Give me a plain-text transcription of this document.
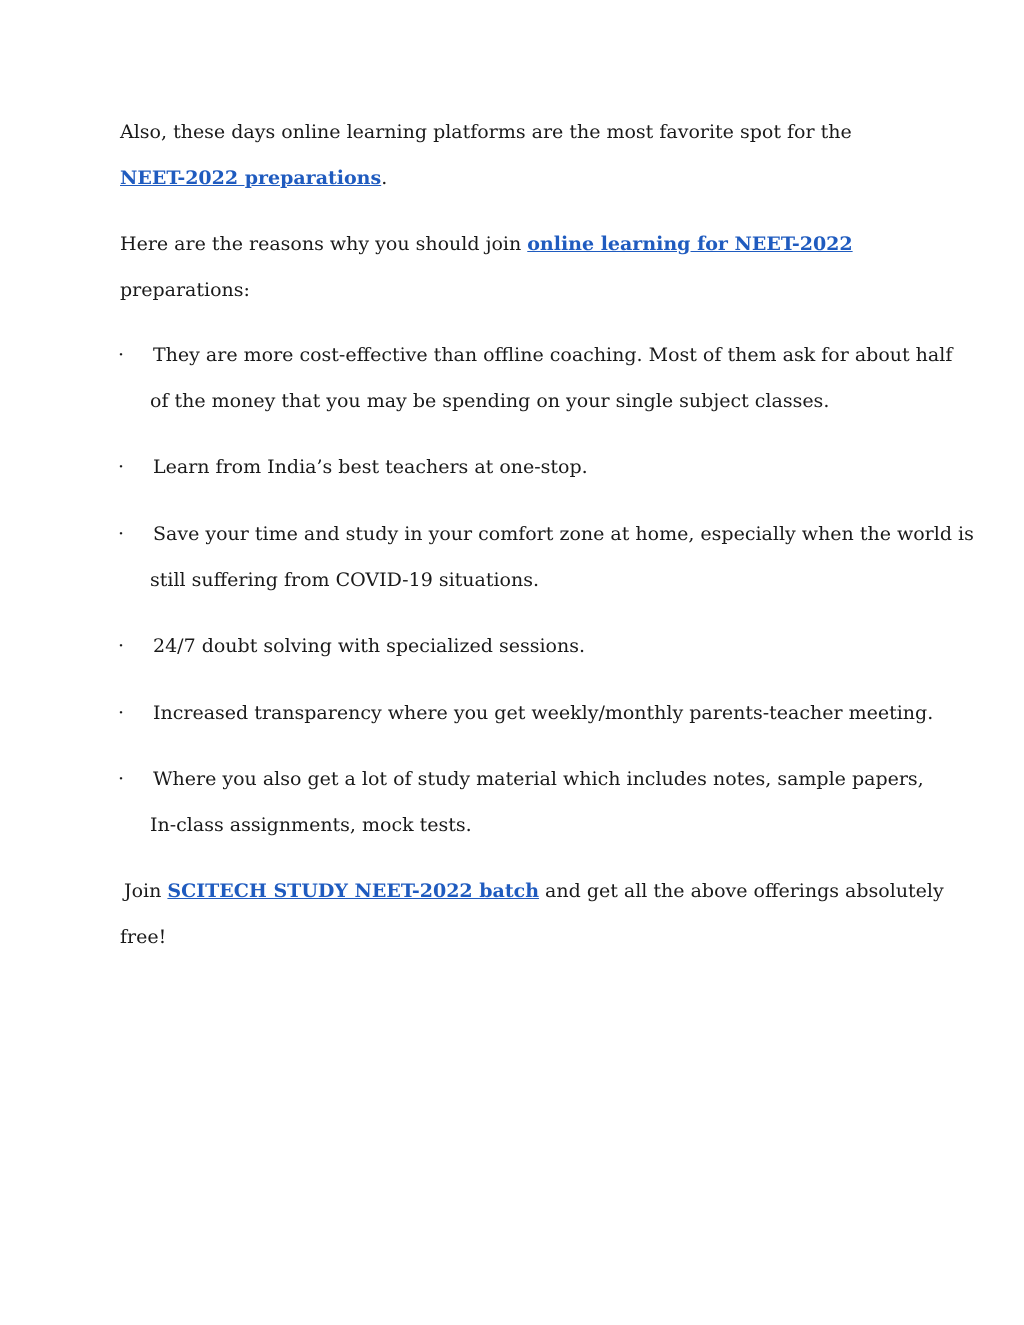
Also, these days online learning platforms are the most favorite spot for the
NEET-2022 preparations.
Here are the reasons why you should join online learning for NEET-2022
preparations:
· They are more cost-effective than offline coaching. Most of them ask for about half
of the money that you may be spending on your single subject classes.
· Learn from India’s best teachers at one-stop.
· Save your time and study in your comfort zone at home, especially when the world is
still suffering from COVID-19 situations.
· 24/7 doubt solving with specialized sessions.
· Increased transparency where you get weekly/monthly parents-teacher meeting.
· Where you also get a lot of study material which includes notes, sample papers,
In-class assignments, mock tests.
Join SCITECH STUDY NEET-2022 batch and get all the above offerings absolutely
free!
